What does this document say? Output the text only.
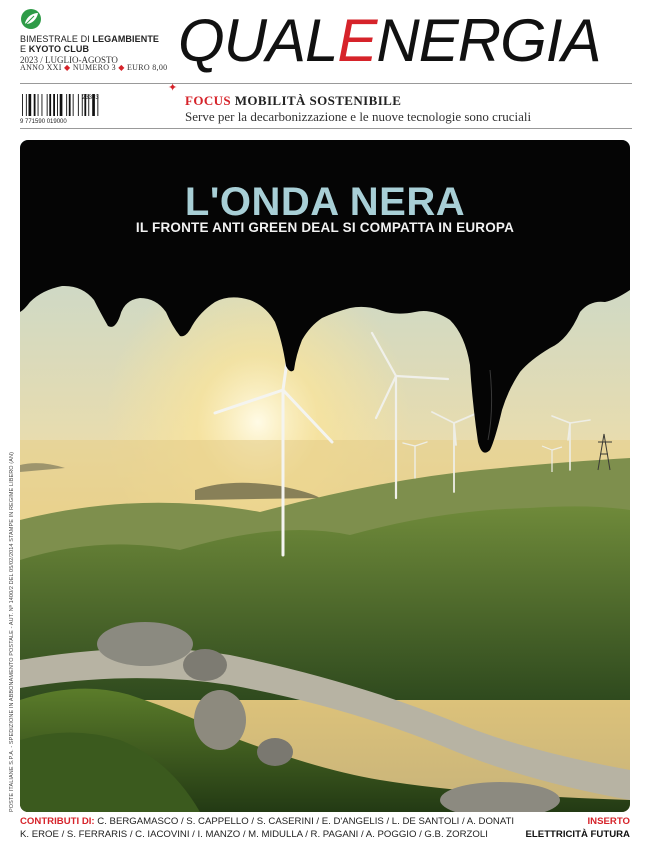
BIMESTRALE DI LEGAMBIENTE
E KYOTO CLUB
2023 / LUGLIO-AGOSTO
ANNO XXI ◆ NUMERO 3 ◆ EURO 8,00 QUALENERGIA
23303
9 771590 019000
✦
FOCUS MOBILITÀ SOSTENIBILE
Serve per la decarbonizzazione e le nuove tecnologie sono cruciali
L'ONDA NERA
IL FRONTE ANTI GREEN DEAL SI COMPATTA IN EUROPA
POSTE ITALIANE S.P.A. - SPEDIZIONE IN ABBONAMENTO POSTALE - AUT. Nº 1400/2 DEL 05/02/2014 STAMPE IN REGIME LIBERO (AN)
CONTRIBUTI DI: C. BERGAMASCO / S. CAPPELLO / S. CASERINI / E. D'ANGELIS / L. DE SANTOLI / A. DONATI
K. EROE / S. FERRARIS / C. IACOVINI / I. MANZO / M. MIDULLA / R. PAGANI / A. POGGIO / G.B. ZORZOLI
INSERTO
ELETTRICITÀ FUTURA
